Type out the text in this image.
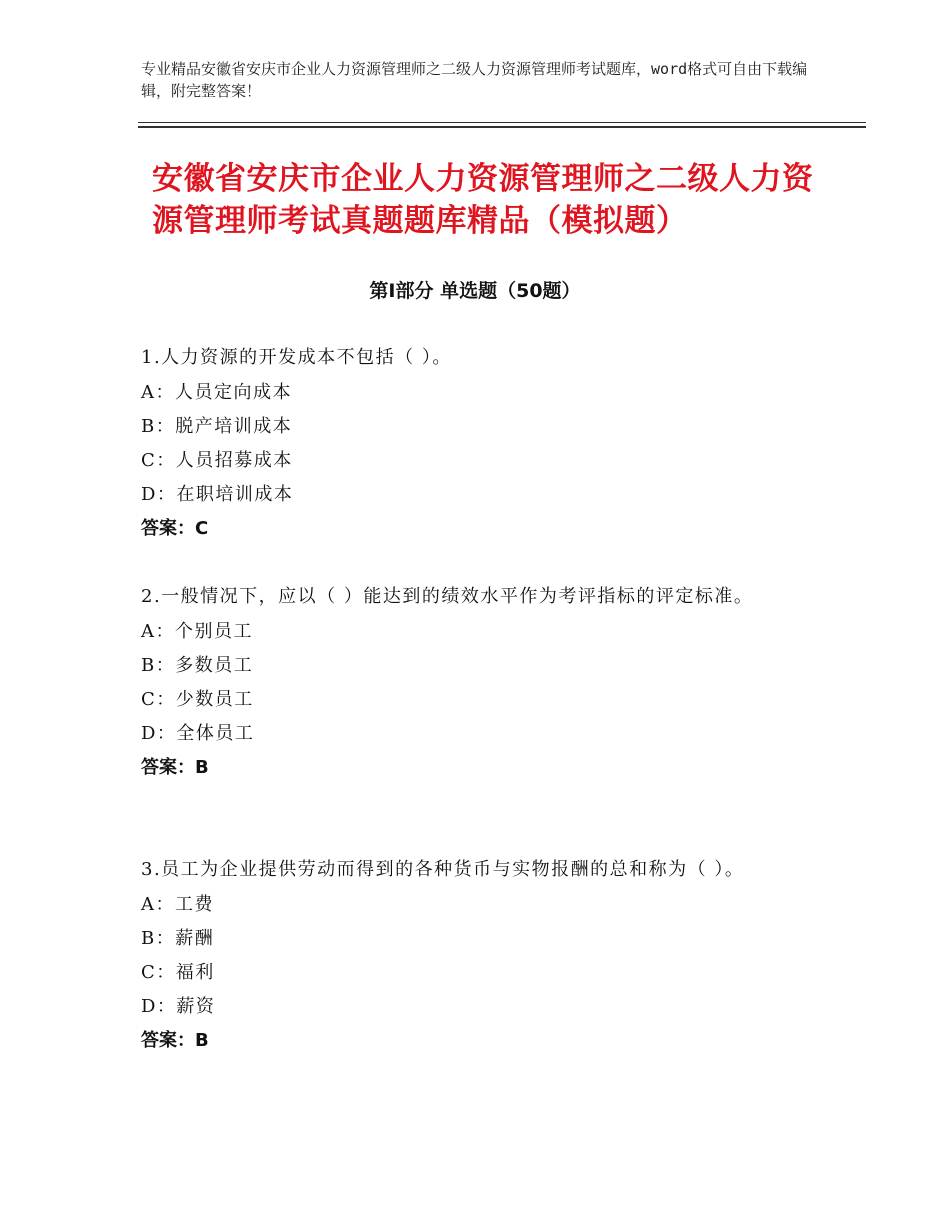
专业精品安徽省安庆市企业人力资源管理师之二级人力资源管理师考试题库，word格式可自由下载编辑，附完整答案！
安徽省安庆市企业人力资源管理师之二级人力资源管理师考试真题题库精品（模拟题）
第Ⅰ部分 单选题（50题）
1.人力资源的开发成本不包括（ ）。
A：人员定向成本
B：脱产培训成本
C：人员招募成本
D：在职培训成本
答案：C
2.一般情况下，应以（ ）能达到的绩效水平作为考评指标的评定标准。
A：个别员工
B：多数员工
C：少数员工
D：全体员工
答案：B
3.员工为企业提供劳动而得到的各种货币与实物报酬的总和称为（ ）。
A：工费
B：薪酬
C：福利
D：薪资
答案：B
